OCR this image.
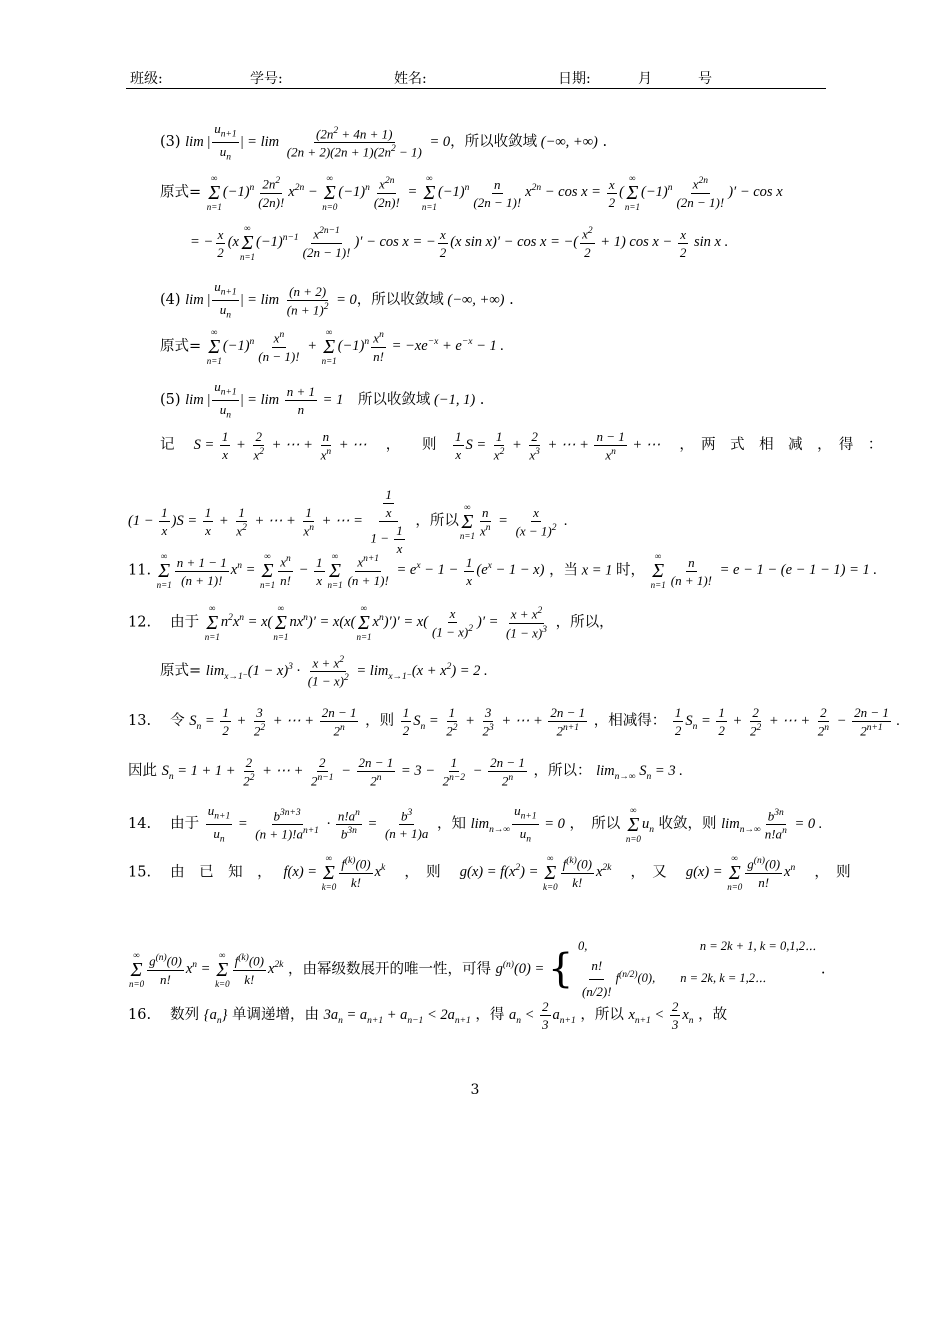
班级:	学号:	姓名:	日期:	月	号
(3) lim | $\frac{u_{n+1}}{u_n}$ | = $\lim \frac{(2n^2 + 4n + 1)}{(2n + 2)(2n + 1)(2n^2 - 1)} = 0$，所以收敛域 (−∞, +∞) .
原式=
∞
Σ
n=1
$(-1)^n \frac{2n^2}{(2n)!} x^{2n}$ −
∞
Σ
n=0
$(-1)^n \frac{x^{2n}}{(2n)!}$ =
∞
Σ
n=1
$(-1)^n \frac{n}{(2n - 1)!} x^{2n} - \cos x = \frac{x}{2}$ (
∞
Σ
n=1
$(-1)^n \frac{x^{2n}}{(2n - 1)!}$ )′ − cos x
= − $\frac{x}{2} (x$
∞
Σ
n=1
$(-1)^{n-1} \frac{x^{2n-1}}{(2n - 1)!}$ )′ − cos x = − $\frac{x}{2} (x$ sin x)′ − cos x = −( $\frac{x^2}{2} + 1$) $\cos x - \frac{x}{2}$ sin x .
(4) lim | $\frac{u_{n+1}}{u_n}$ | = $\lim \frac{(n + 2)}{(n + 1)^2} = 0$，所以收敛域 (−∞, +∞) .
原式=
∞
Σ
n=1
$(-1)^n \frac{x^n}{(n - 1)!}$ +
∞
Σ
n=1
$(-1)^n \frac{x^n}{n!} = -xe^{-x} + e^{-x} - 1$ .
(5) lim | $\frac{u_{n+1}}{u_n}$ | = $\lim \frac{n + 1}{n} = 1$　所以收敛域 (−1, 1) .
记 　$S = \frac{1}{x} + \frac{2}{x^2}$ + ⋯ + $\frac{n}{x^n}$ + ⋯ 　，　　则　 $\frac{1}{x}$ $S = \frac{1}{x^2} + \frac{2}{x^3}$ + ⋯ + $\frac{n - 1}{x^n}$ + ⋯ 　，　两　式　相　减　，　得　：
$(1 - \frac{1}{x} )S = \frac{1}{x} + \frac{1}{x^2}$ + ⋯ + $\frac{1}{x^n}$ + ⋯ = $\frac{\frac{1}{x}}{1 - \frac{1}{x}}$ ，所以
∞
Σ
$n=1 \frac{n}{x^n} = \frac{x}{(x - 1)^2}$ .
11.
∞
Σ
$n=1 \frac{n + 1 - 1}{(n + 1)!} x^n$ =
∞
Σ
$n=1 \frac{x^n}{n!} - \frac{1}{x}$ ∞
Σ
$n=1 \frac{x^{n+1}}{(n + 1)!} = e^x - 1 - \frac{1}{x} (e^x - 1 - x)$ ，当 x = 1 时，
∞
Σ
$n=1 \frac{n}{(n + 1)!} = e - 1 - (e - 1 - 1) = 1$ .
12. 　由于
∞
Σ
n=1
$n^2x^n = x$(
∞
Σ
n=1
$nx^n)' = x(x$(
∞
Σ
n=1
$x^n)')' = x( \frac{x}{(1 - x)^2}$ )′ = $\frac{x + x^2}{(1 - x)^3}$ ，所以，
原式= $\lim_{x\to 1^-}(1 - x)^3 \cdot \frac{x + x^2}{(1 - x)^2} = \lim_{x\to 1^-}(x + x^2) = 2$ .
13. 　令 $S_n = \frac{1}{2} + \frac{3}{2^2}$ + ⋯ + $\frac{2n - 1}{2^n}$ ，则 $\frac{1}{2} S_n = \frac{1}{2^2} + \frac{3}{2^3}$ + ⋯ + $\frac{2n - 1}{2^{n+1}}$ ，相减得： $\frac{1}{2} S_n = \frac{1}{2} + \frac{2}{2^2}$ + ⋯ + $\frac{2}{2^n} - \frac{2n - 1}{2^{n+1}}$ .
因此 $S_n = 1 + 1 + \frac{2}{2^2}$ + ⋯ + $\frac{2}{2^{n-1}} - \frac{2n - 1}{2^n} = 3 - \frac{1}{2^{n-2}} - \frac{2n - 1}{2^n}$ ，所以： $\lim_{n\to\infty} S_n = 3$ .
14. 　由于 $\frac{u_{n+1}}{u_n} = \frac{b^{3n+3}}{(n + 1)!a^{n+1}} \cdot \frac{n!a^n}{b^{3n}} = \frac{b^3}{(n + 1)a}$ ，知 $\lim_{n\to\infty} \frac{u_{n+1}}{u_n} = 0$ ，　所以
∞
Σ
n=0
$u_n$ 收敛，则 $\lim_{n\to\infty} \frac{b^{3n}}{n!a^n} = 0$ .
15. 　由　已　知　，　 f(x) =
∞
Σ
$k=0 \frac{f^{(k)}(0)}{k!} x^k$ 　，　则　 $g(x) = f(x^2)$ =
∞
Σ
$k=0 \frac{f^{(k)}(0)}{k!} x^{2k}$ 　，　又　 g(x) =
∞
Σ
$n=0 \frac{g^{(n)}(0)}{n!} x^n$ 　，　则
∞
Σ
$n=0 \frac{g^{(n)}(0)}{n!} x^n$ =
∞
Σ
$k=0 \frac{f^{(k)}(0)}{k!} x^{2k}$ ，由幂级数展开的唯一性，可得 $g^{(n)}(0)$ = {
0,　　　　　　　　　n = 2k + 1, k = 0,1,2⋯
$\frac{n!}{(n/2)!} f^{(n/2)}(0)$,　　n = 2k, k = 1,2⋯
.
16. 　数列 $\{a_n\}$ 单调递增，由 $3a_n = a_{n+1} + a_{n-1} < 2a_{n+1}$ ，得 $a_n < \frac{2}{3} a_{n+1}$ ，所以 $x_{n+1} < \frac{2}{3} x_n$ ，故
3
